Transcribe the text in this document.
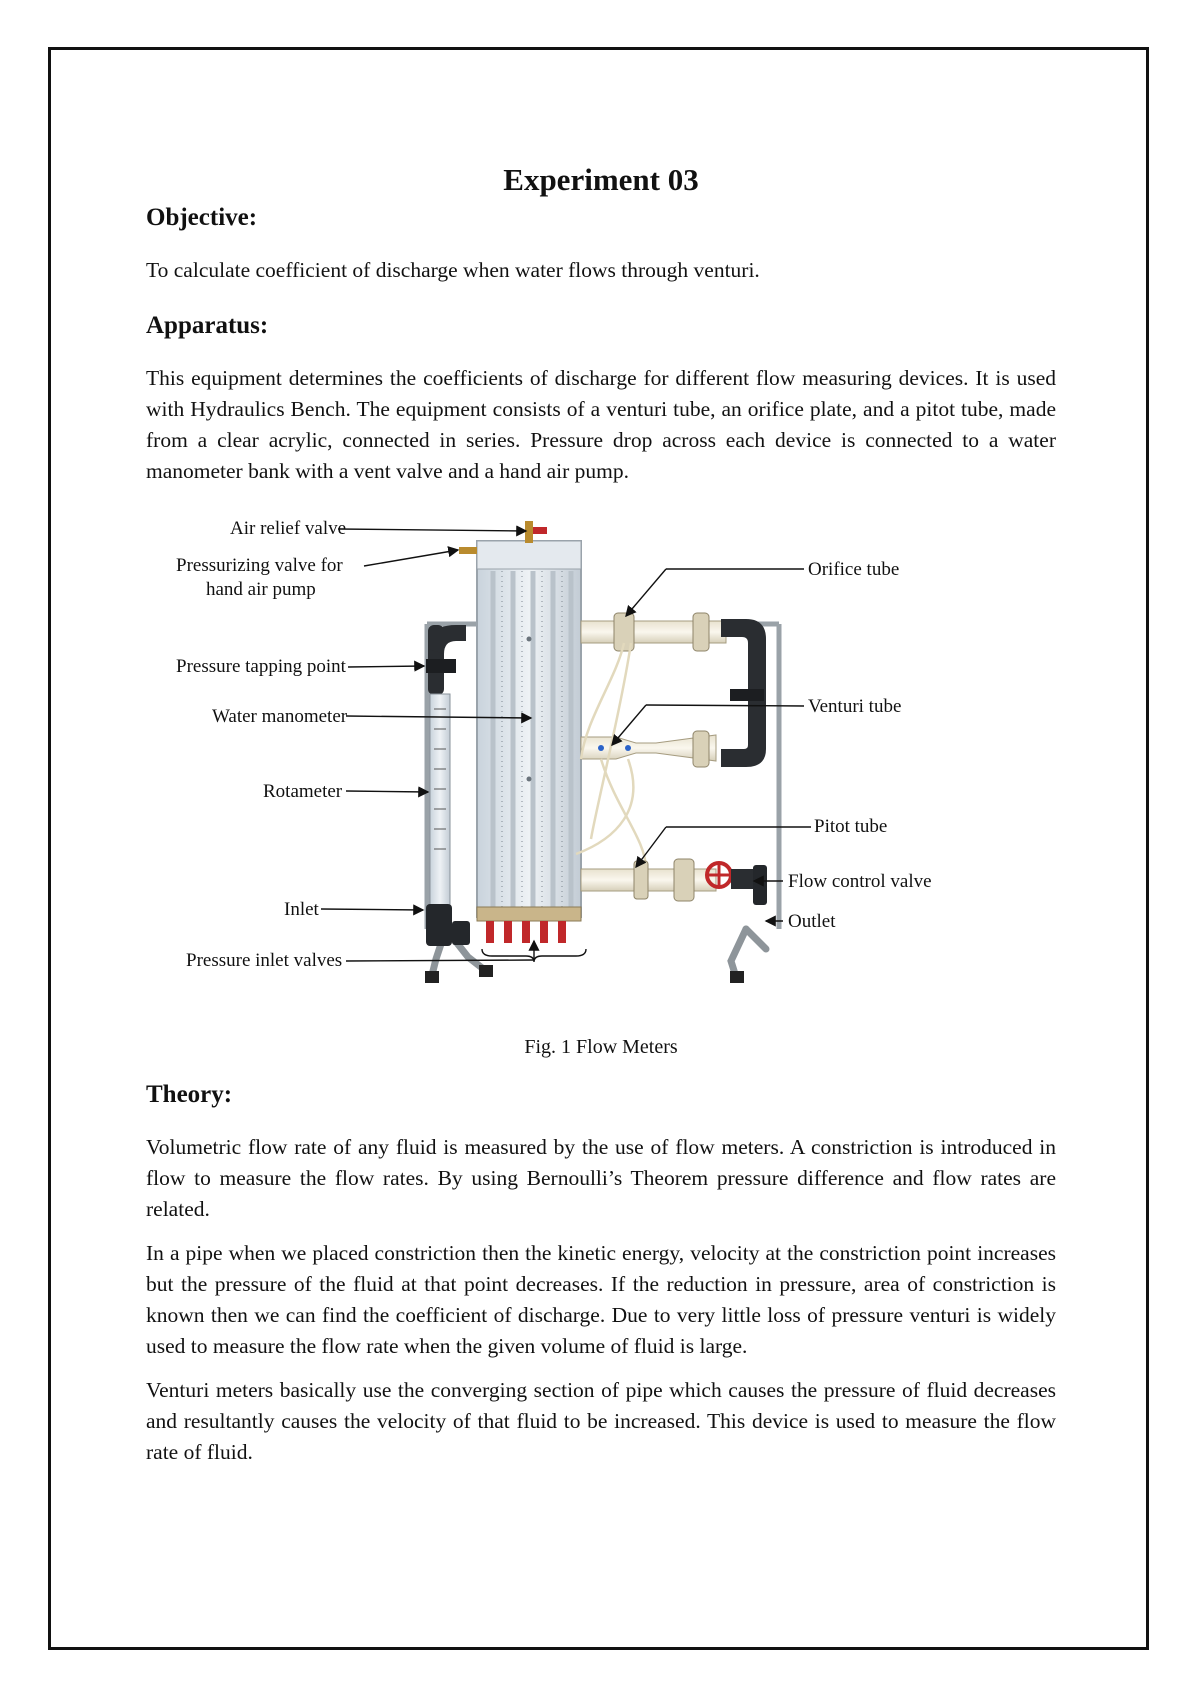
Experiment 03
Objective:

To calculate coefficient of discharge when water flows through venturi.

Apparatus:

This equipment determines the coefficients of discharge for different flow measuring devices. It is used with Hydraulics Bench. The equipment consists of a venturi tube, an orifice plate, and a pitot tube, made from a clear acrylic, connected in series. Pressure drop across each device is connected to a water manometer bank with a vent valve and a hand air pump.

Air relief valve
Pressurizing valve for
hand air pump
Pressure tapping point
Water manometer
Rotameter
Inlet
Pressure inlet valves
Orifice tube
Venturi tube
Pitot tube
Flow control valve
Outlet
Fig. 1 Flow Meters
Theory:

Volumetric flow rate of any fluid is measured by the use of flow meters. A constriction is introduced in flow to measure the flow rates. By using Bernoulli’s Theorem pressure difference and flow rates are related.

In a pipe when we placed constriction then the kinetic energy, velocity at the constriction point increases but the pressure of the fluid at that point decreases. If the reduction in pressure, area of constriction is known then we can find the coefficient of discharge. Due to very little loss of pressure venturi is widely used to measure the flow rate when the given volume of fluid is large.

Venturi meters basically use the converging section of pipe which causes the pressure of fluid decreases and resultantly causes the velocity of that fluid to be increased. This device is used to measure the flow rate of fluid.
